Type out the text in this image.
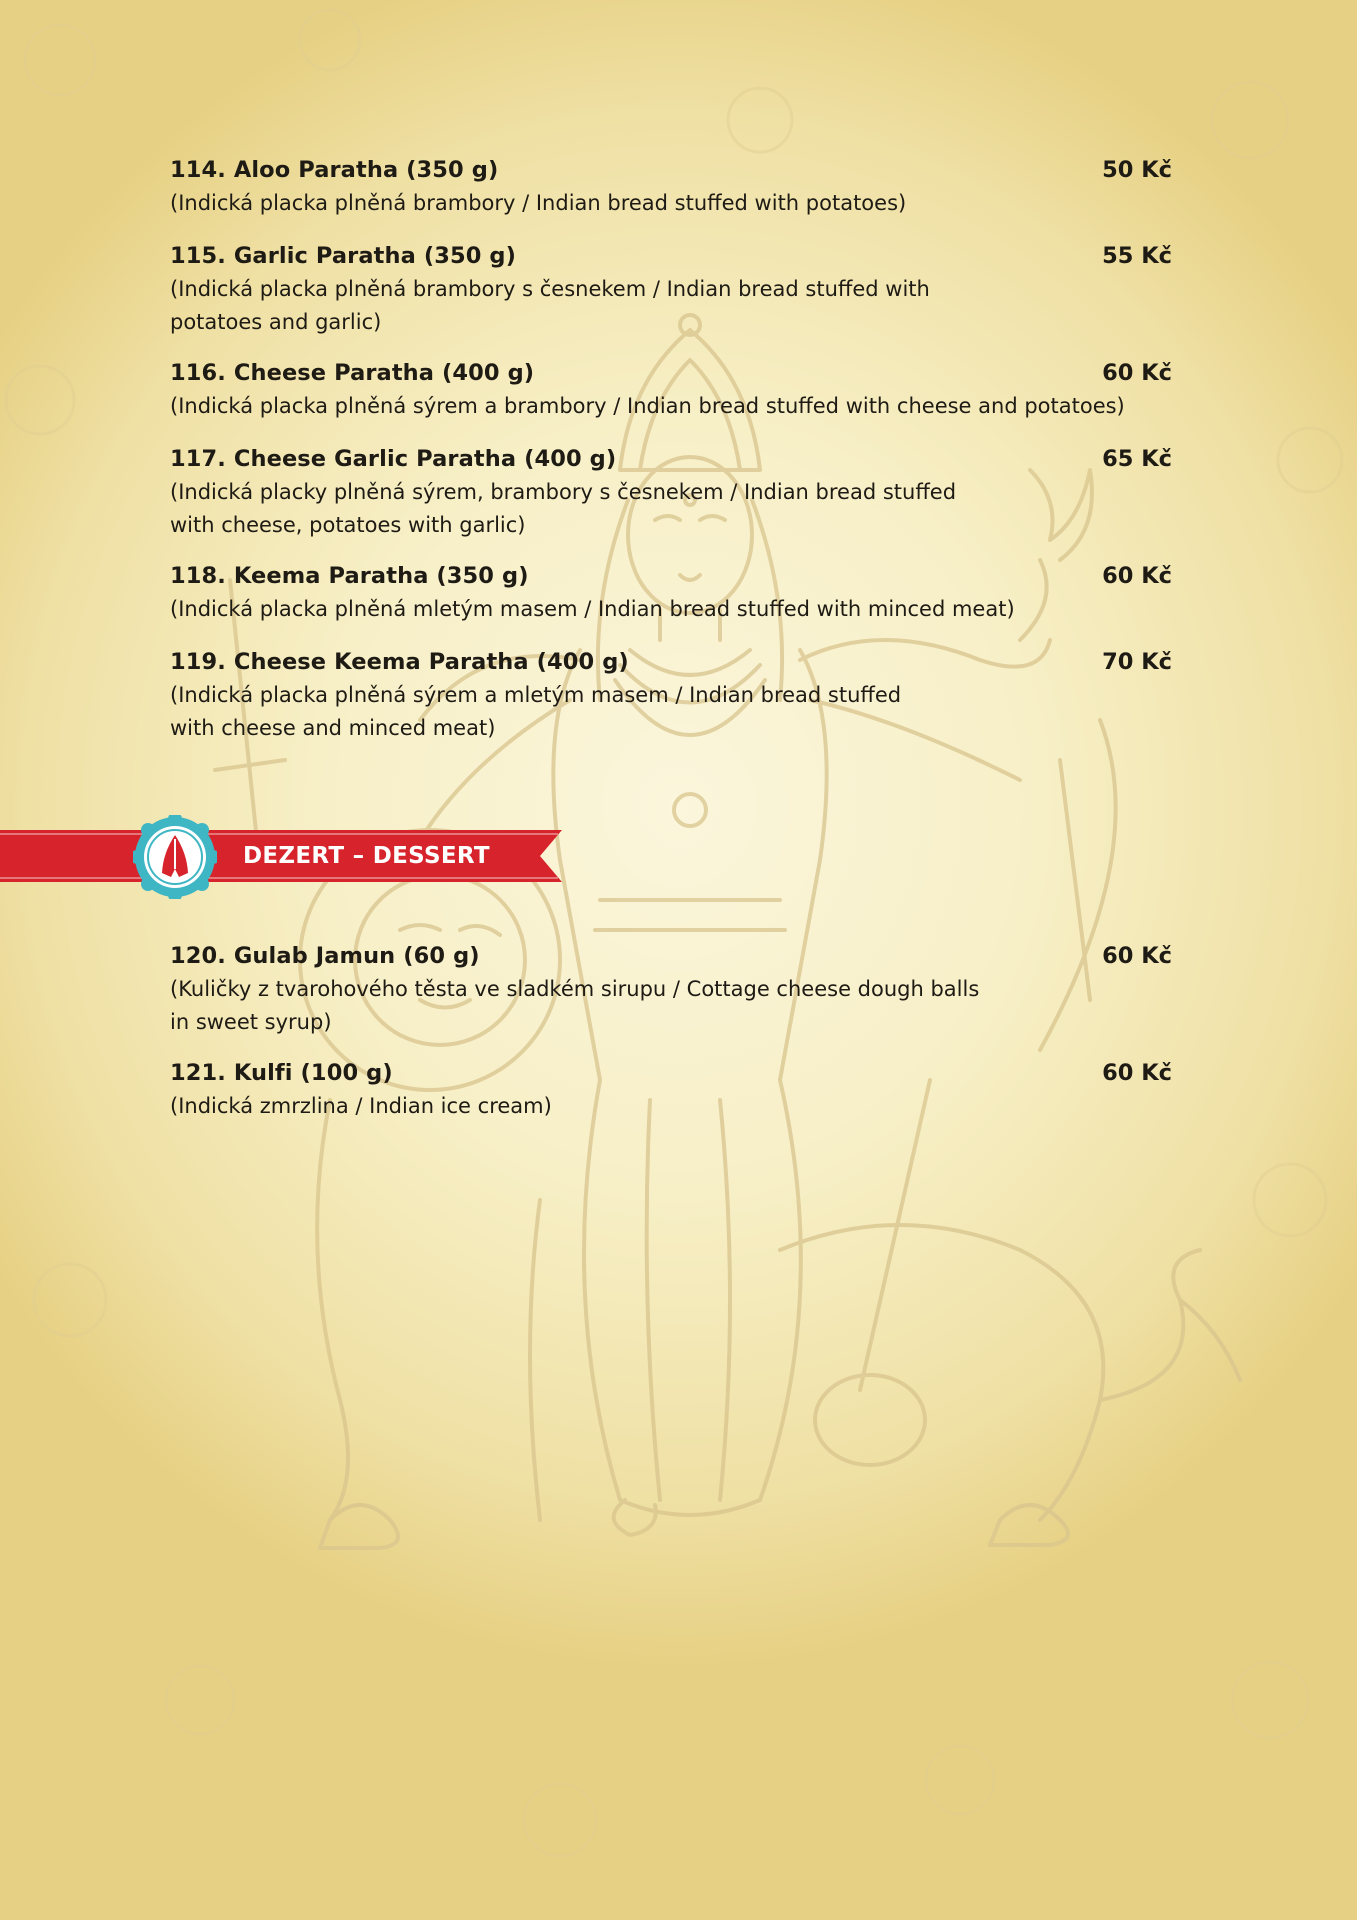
114. Aloo Paratha (350 g)	50 Kč
(Indická placka plněná brambory / Indian bread stuffed with potatoes)
115. Garlic Paratha (350 g)	55 Kč
(Indická placka plněná brambory s česnekem / Indian bread stuffed with
potatoes and garlic)
116. Cheese Paratha (400 g)	60 Kč
(Indická placka plněná sýrem a brambory / Indian bread stuffed with cheese and potatoes)
117. Cheese Garlic Paratha (400 g)	65 Kč
(Indická placky plněná sýrem, brambory s česnekem / Indian bread stuffed
with cheese, potatoes with garlic)
118. Keema Paratha (350 g)	60 Kč
(Indická placka plněná mletým masem / Indian bread stuffed with minced meat)
119. Cheese Keema Paratha (400 g)	70 Kč
(Indická placka plněná sýrem a mletým masem / Indian bread stuffed
with cheese and minced meat)
DEZERT – DESSERT
120. Gulab Jamun (60 g)	60 Kč
(Kuličky z tvarohového těsta ve sladkém sirupu / Cottage cheese dough balls
in sweet syrup)
121. Kulfi (100 g)	60 Kč
(Indická zmrzlina / Indian ice cream)
